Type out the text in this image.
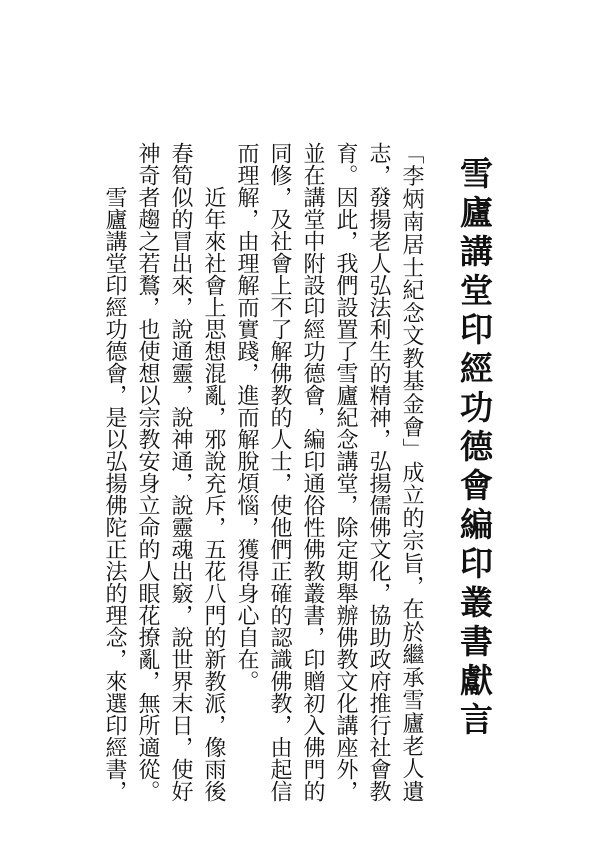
雪廬講堂印經功德會編印叢書獻言

「李炳南居士紀念文教基金會」成立的宗旨，在於繼承雪廬老人遺志，發揚老人弘法利生的精神，弘揚儒佛文化，協助政府推行社會教育。因此，我們設置了雪廬紀念講堂，除定期舉辦佛教文化講座外，並在講堂中附設印經功德會，編印通俗性佛教叢書，印贈初入佛門的同修，及社會上不了解佛教的人士，使他們正確的認識佛教，由起信而理解，由理解而實踐，進而解脫煩惱，獲得身心自在。

近年來社會上思想混亂，邪說充斥，五花八門的新教派，像雨後春筍似的冒出來，說通靈，說神通，說靈魂出竅，說世界末日，使好神奇者趨之若鶩，也使想以宗教安身立命的人眼花撩亂，無所適從。

雪廬講堂印經功德會，是以弘揚佛陀正法的理念，來選印經書，
